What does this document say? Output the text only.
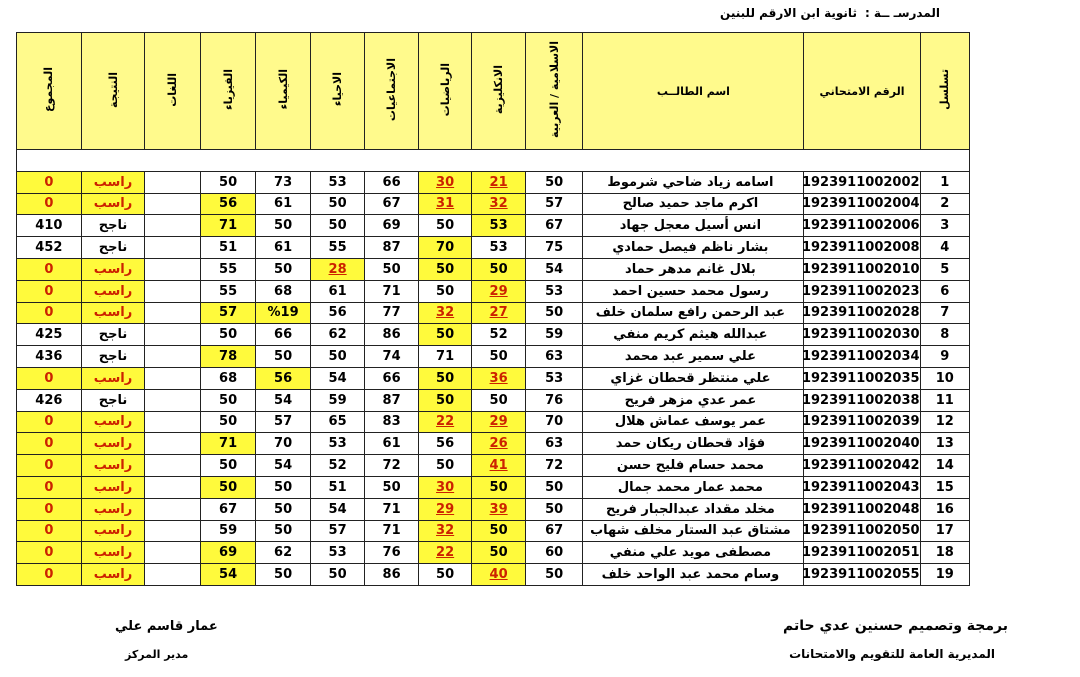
المدرسـ ــة :
ثانوية ابن الارقم للبنين
تسلسل	الرقم الامتحاني	اسم الطالــب	الاسلامية / العربية	الانكليزية	الرياضيات	الاجتماعيات	الاحياء	الكيمياء	الفيزياء	اللغات	النتيجة	المجموع

1	1923911002002	اسامه زياد ضاحي شرموط	50	21	30	66	53	73	50		راسب	0
2	1923911002004	اكرم ماجد حميد صالح	57	32	31	67	50	61	56		راسب	0
3	1923911002006	انس أسيل معجل جهاد	67	53	50	69	50	50	71		ناجح	410
4	1923911002008	بشار ناظم فيصل حمادي	75	53	70	87	55	61	51		ناجح	452
5	1923911002010	بلال غانم مدهر حماد	54	50	50	50	28	50	55		راسب	0
6	1923911002023	رسول محمد حسين احمد	53	29	50	71	61	68	55		راسب	0
7	1923911002028	عبد الرحمن رافع سلمان خلف	50	27	32	77	56	%19	57		راسب	0
8	1923911002030	عبدالله هيثم كريم منفي	59	52	50	86	62	66	50		ناجح	425
9	1923911002034	علي سمير عبد محمد	63	50	71	74	50	50	78		ناجح	436
10	1923911002035	علي منتظر قحطان غزاي	53	36	50	66	54	56	68		راسب	0
11	1923911002038	عمر عدي مزهر فريح	76	50	50	87	59	54	50		ناجح	426
12	1923911002039	عمر يوسف عماش هلال	70	29	22	83	65	57	50		راسب	0
13	1923911002040	فؤاد قحطان ريكان حمد	63	26	56	61	53	70	71		راسب	0
14	1923911002042	محمد حسام فليح حسن	72	41	50	72	52	54	50		راسب	0
15	1923911002043	محمد عمار محمد جمال	50	50	30	50	51	50	50		راسب	0
16	1923911002048	مخلد مقداد عبدالجبار فريح	50	39	29	71	54	50	67		راسب	0
17	1923911002050	مشتاق عبد الستار مخلف شهاب	67	50	32	71	57	50	59		راسب	0
18	1923911002051	مصطفى مويد علي منفي	60	50	22	76	53	62	69		راسب	0
19	1923911002055	وسام محمد عبد الواحد خلف	50	40	50	86	50	50	54		راسب	0
برمجة وتصميم حسنين عدي حاتم
المديرية العامة للتقويم والامتحانات
عمار قاسم علي
مدير المركز
